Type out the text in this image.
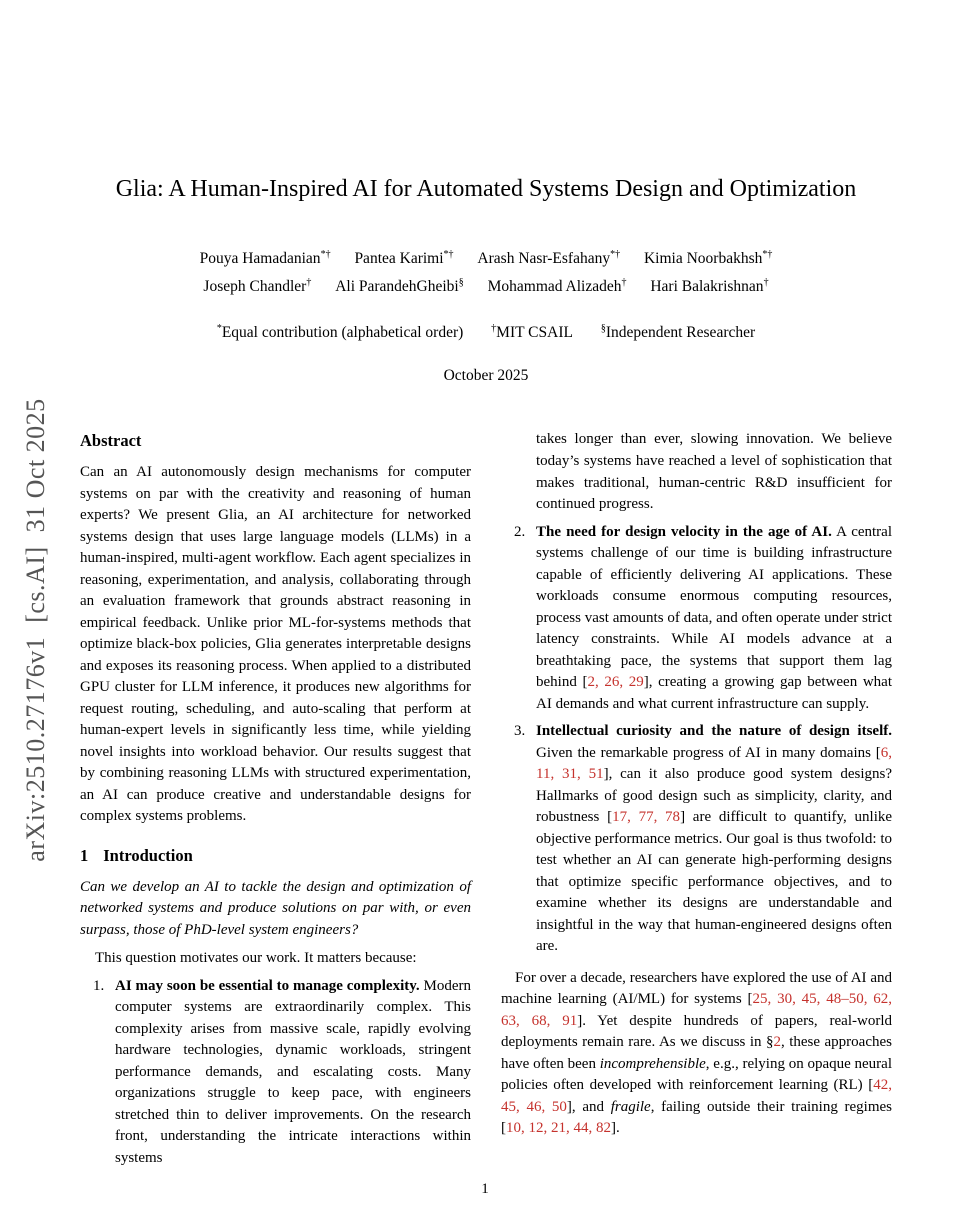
arXiv:2510.27176v1  [cs.AI]  31 Oct 2025
Glia: A Human-Inspired AI for Automated Systems Design and Optimization
Pouya Hamadanian*† Pantea Karimi*† Arash Nasr-Esfahany*† Kimia Noorbakhsh*†
Joseph Chandler† Ali ParandehGheibi§ Mohammad Alizadeh† Hari Balakrishnan†
*Equal contribution (alphabetical order)	†MIT CSAIL	§Independent Researcher
October 2025
Abstract

Can an AI autonomously design mechanisms for computer systems on par with the creativity and reasoning of human experts? We present Glia, an AI architecture for networked systems design that uses large language models (LLMs) in a human-inspired, multi-agent workflow. Each agent specializes in reasoning, experimentation, and analysis, collaborating through an evaluation framework that grounds abstract reasoning in empirical feedback. Unlike prior ML-for-systems methods that optimize black-box policies, Glia generates interpretable designs and exposes its reasoning process. When applied to a distributed GPU cluster for LLM inference, it produces new algorithms for request routing, scheduling, and auto-scaling that perform at human-expert levels in significantly less time, while yielding novel insights into workload behavior. Our results suggest that by combining reasoning LLMs with structured experimentation, an AI can produce creative and understandable designs for complex systems problems.

1 Introduction

Can we develop an AI to tackle the design and optimization of networked systems and produce solutions on par with, or even surpass, those of PhD-level system engineers?

This question motivates our work. It matters because:

1. AI may soon be essential to manage complexity. Modern computer systems are extraordinarily complex. This complexity arises from massive scale, rapidly evolving hardware technologies, dynamic workloads, stringent performance demands, and escalating costs. Many organizations struggle to keep pace, with engineers stretched thin to deliver improvements. On the research front, understanding the intricate interactions within systems

takes longer than ever, slowing innovation. We believe today’s systems have reached a level of sophistication that makes traditional, human-centric R&D insufficient for continued progress.

2. The need for design velocity in the age of AI. A central systems challenge of our time is building infrastructure capable of efficiently delivering AI applications. These workloads consume enormous computing resources, process vast amounts of data, and often operate under strict latency constraints. While AI models advance at a breathtaking pace, the systems that support them lag behind [2, 26, 29], creating a growing gap between what AI demands and what current infrastructure can supply.
3. Intellectual curiosity and the nature of design itself. Given the remarkable progress of AI in many domains [6, 11, 31, 51], can it also produce good system designs? Hallmarks of good design such as simplicity, clarity, and robustness [17, 77, 78] are difficult to quantify, unlike objective performance metrics. Our goal is thus twofold: to test whether an AI can generate high-performing designs that optimize specific performance objectives, and to examine whether its designs are understandable and insightful in the way that human-engineered designs often are.

For over a decade, researchers have explored the use of AI and machine learning (AI/ML) for systems [25, 30, 45, 48–50, 62, 63, 68, 91]. Yet despite hundreds of papers, real-world deployments remain rare. As we discuss in §2, these approaches have often been incomprehensible, e.g., relying on opaque neural policies often developed with reinforcement learning (RL) [42, 45, 46, 50], and fragile, failing outside their training regimes [10, 12, 21, 44, 82].

1
